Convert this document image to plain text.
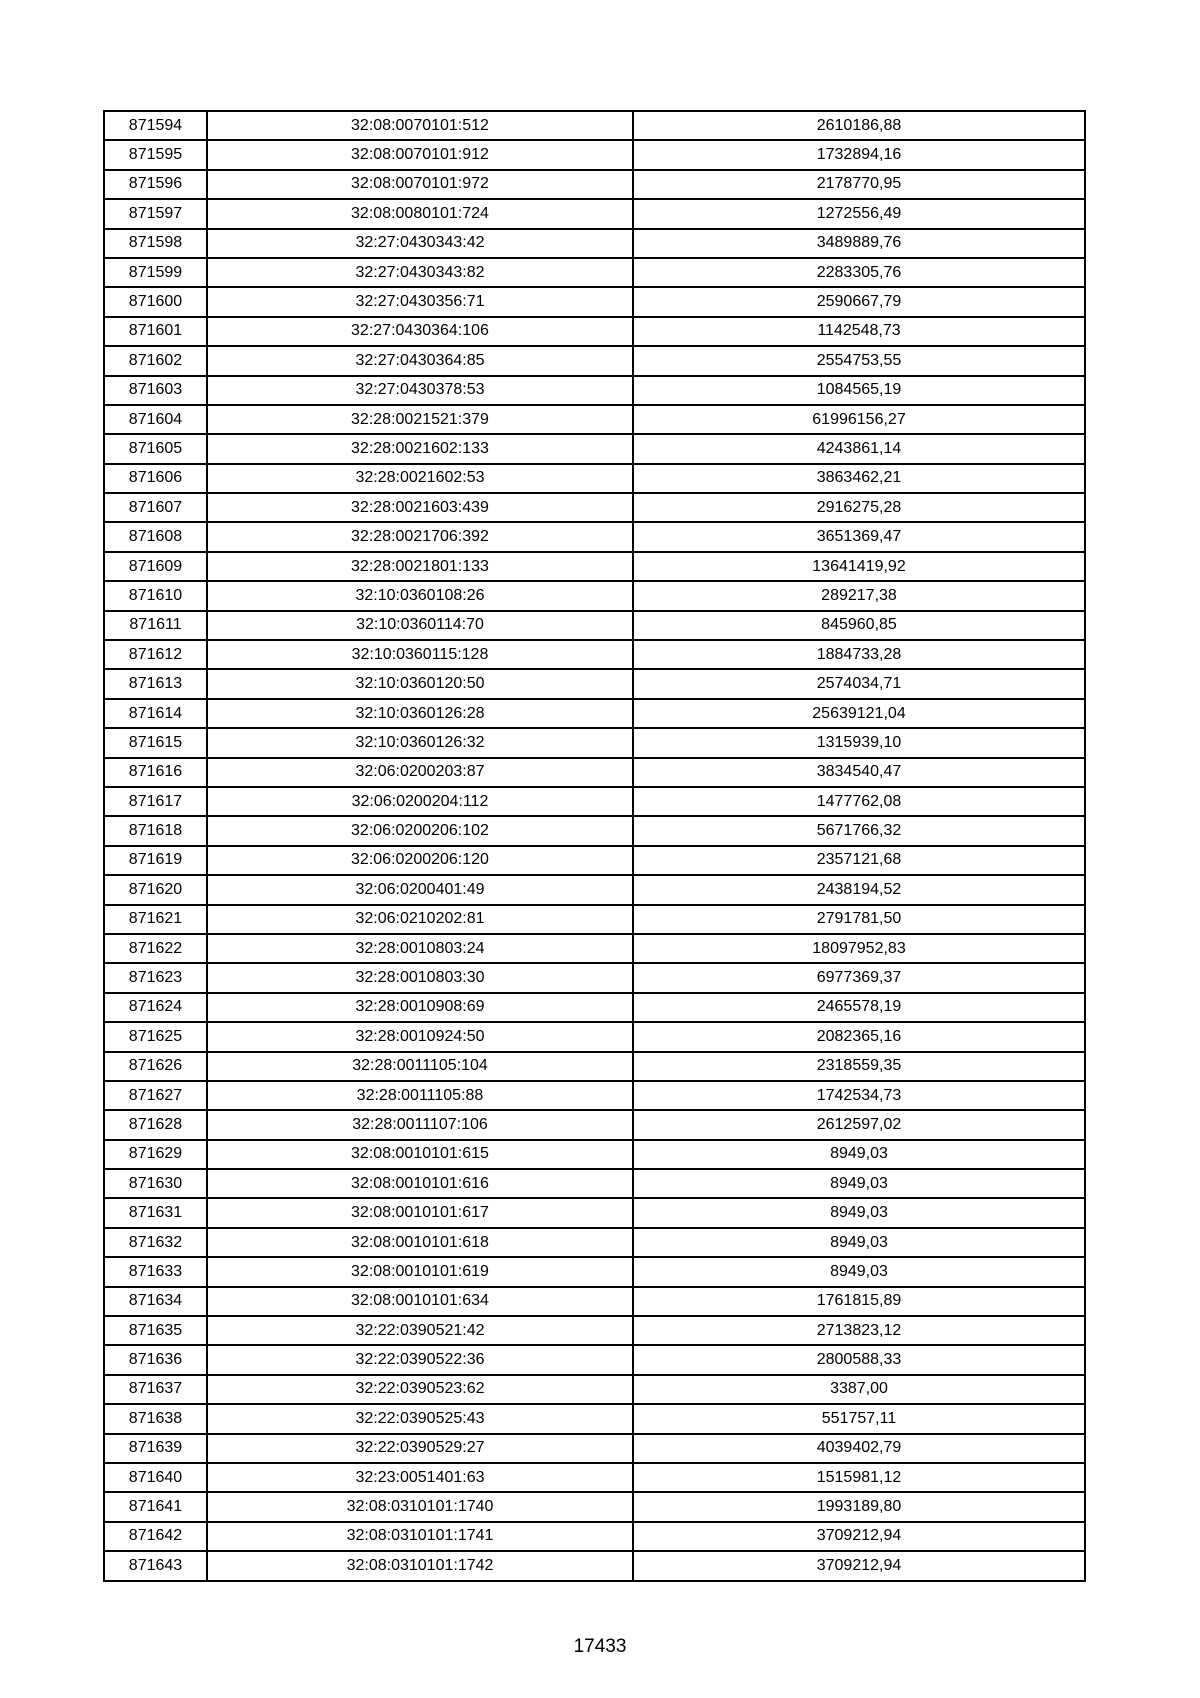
871594	32:08:0070101:512	2610186,88
871595	32:08:0070101:912	1732894,16
871596	32:08:0070101:972	2178770,95
871597	32:08:0080101:724	1272556,49
871598	32:27:0430343:42	3489889,76
871599	32:27:0430343:82	2283305,76
871600	32:27:0430356:71	2590667,79
871601	32:27:0430364:106	1142548,73
871602	32:27:0430364:85	2554753,55
871603	32:27:0430378:53	1084565,19
871604	32:28:0021521:379	61996156,27
871605	32:28:0021602:133	4243861,14
871606	32:28:0021602:53	3863462,21
871607	32:28:0021603:439	2916275,28
871608	32:28:0021706:392	3651369,47
871609	32:28:0021801:133	13641419,92
871610	32:10:0360108:26	289217,38
871611	32:10:0360114:70	845960,85
871612	32:10:0360115:128	1884733,28
871613	32:10:0360120:50	2574034,71
871614	32:10:0360126:28	25639121,04
871615	32:10:0360126:32	1315939,10
871616	32:06:0200203:87	3834540,47
871617	32:06:0200204:112	1477762,08
871618	32:06:0200206:102	5671766,32
871619	32:06:0200206:120	2357121,68
871620	32:06:0200401:49	2438194,52
871621	32:06:0210202:81	2791781,50
871622	32:28:0010803:24	18097952,83
871623	32:28:0010803:30	6977369,37
871624	32:28:0010908:69	2465578,19
871625	32:28:0010924:50	2082365,16
871626	32:28:0011105:104	2318559,35
871627	32:28:0011105:88	1742534,73
871628	32:28:0011107:106	2612597,02
871629	32:08:0010101:615	8949,03
871630	32:08:0010101:616	8949,03
871631	32:08:0010101:617	8949,03
871632	32:08:0010101:618	8949,03
871633	32:08:0010101:619	8949,03
871634	32:08:0010101:634	1761815,89
871635	32:22:0390521:42	2713823,12
871636	32:22:0390522:36	2800588,33
871637	32:22:0390523:62	3387,00
871638	32:22:0390525:43	551757,11
871639	32:22:0390529:27	4039402,79
871640	32:23:0051401:63	1515981,12
871641	32:08:0310101:1740	1993189,80
871642	32:08:0310101:1741	3709212,94
871643	32:08:0310101:1742	3709212,94
17433
